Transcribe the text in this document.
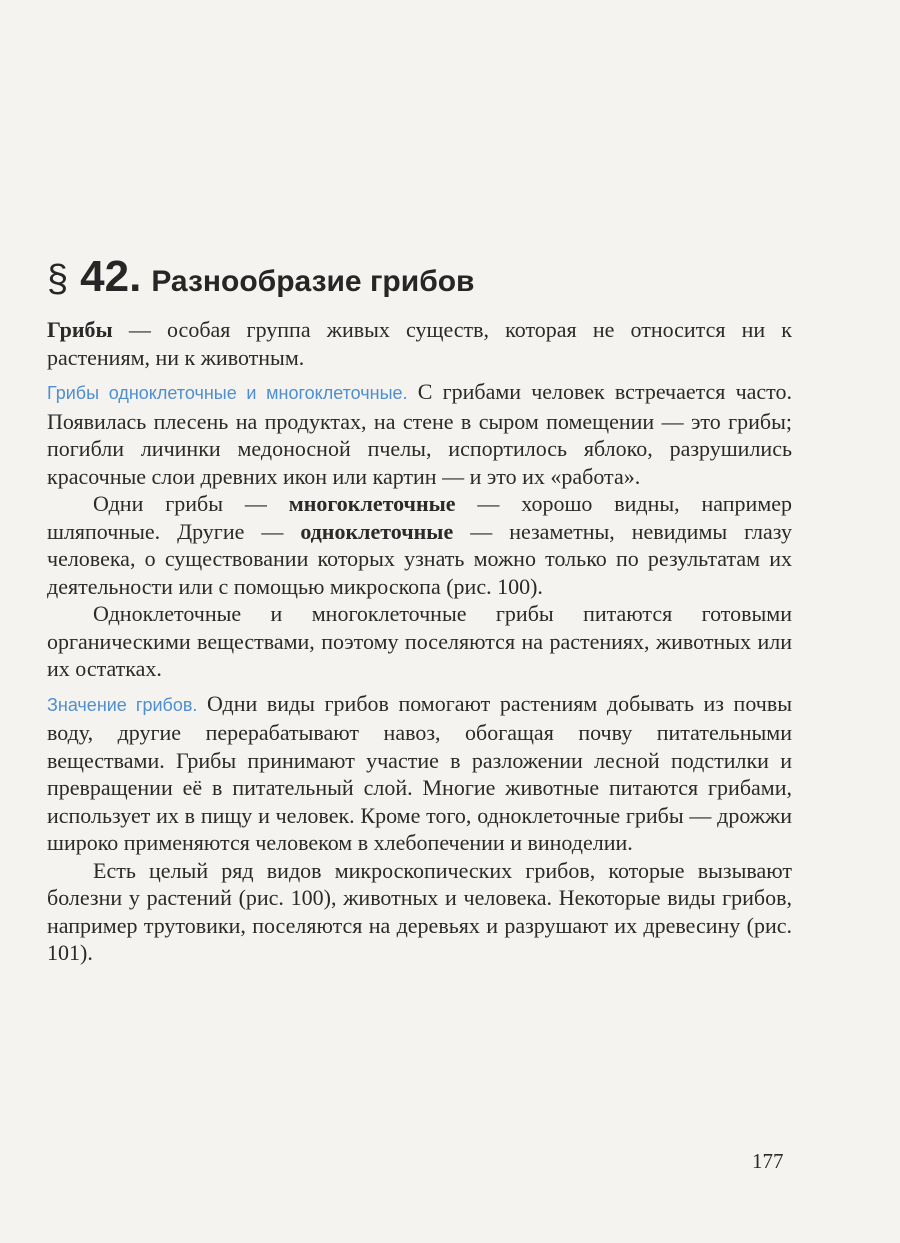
§ 42. Разнообразие грибов

Грибы — особая группа живых существ, которая не относится ни к растениям, ни к животным.

Грибы одноклеточные и многоклеточные. С грибами человек встречается часто. Появилась плесень на продуктах, на стене в сыром помещении — это грибы; погибли личинки медоносной пчелы, испортилось яблоко, разрушились красочные слои древних икон или картин — и это их «работа».

Одни грибы — многоклеточные — хорошо видны, например шляпочные. Другие — одноклеточные — незаметны, невидимы глазу человека, о существовании которых узнать можно только по результатам их деятельности или с помощью микроскопа (рис. 100).

Одноклеточные и многоклеточные грибы питаются готовыми органическими веществами, поэтому поселяются на растениях, животных или их остатках.

Значение грибов. Одни виды грибов помогают растениям добывать из почвы воду, другие перерабатывают навоз, обогащая почву питательными веществами. Грибы принимают участие в разложении лесной подстилки и превращении её в питательный слой. Многие животные питаются грибами, использует их в пищу и человек. Кроме того, одноклеточные грибы — дрожжи широко применяются человеком в хлебопечении и виноделии.

Есть целый ряд видов микроскопических грибов, которые вызывают болезни у растений (рис. 100), животных и человека. Некоторые виды грибов, например трутовики, поселяются на деревьях и разрушают их древесину (рис. 101).

177
